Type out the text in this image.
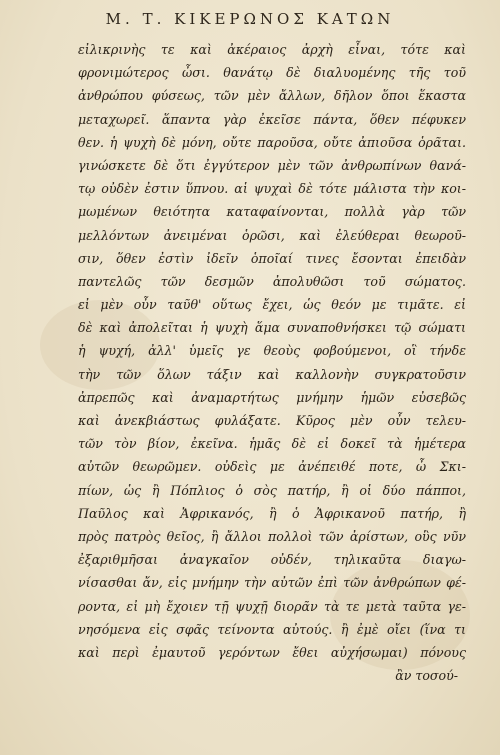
Μ. Τ. ΚΙΚΕΡΩΝΟΣ ΚΑΤΩΝ
εἰλικρινὴς τε καὶ ἀκέραιος ἀρχὴ εἶναι, τότε καὶ
φρονιμώτερος ὦσι. θανάτῳ δὲ διαλυομένης τῆς τοῦ
ἀνθρώπου φύσεως, τῶν μὲν ἄλλων, δῆλον ὅποι ἕκαστα
μεταχωρεῖ. ἅπαντα γὰρ ἐκεῖσε πάντα, ὅθεν πέφυκεν
θεν. ἡ ψυχὴ δὲ μόνη, οὔτε παροῦσα, οὔτε ἀπιοῦσα ὁρᾶται.
γινώσκετε δὲ ὅτι ἐγγύτερον μὲν τῶν ἀνθρωπίνων θανά-
τῳ οὐδὲν ἐστιν ὕπνου. αἱ ψυχαὶ δὲ τότε μάλιστα τὴν κοι-
μωμένων θειότητα καταφαίνονται, πολλὰ γὰρ τῶν
μελλόντων ἀνειμέναι ὁρῶσι, καὶ ἐλεύθεραι θεωροῦ-
σιν, ὅθεν ἐστὶν ἰδεῖν ὁποῖαί τινες ἔσονται ἐπειδὰν
παντελῶς τῶν δεσμῶν ἀπολυθῶσι τοῦ σώματος.
εἰ μὲν οὖν ταῦθ' οὕτως ἔχει, ὡς θεόν με τιμᾶτε. εἰ
δὲ καὶ ἀπολεῖται ἡ ψυχὴ ἅμα συναποθνήσκει τῷ σώματι
ἡ ψυχή, ἀλλ' ὑμεῖς γε θεοὺς φοβούμενοι, οἳ τήνδε
τὴν τῶν ὅλων τάξιν καὶ καλλονὴν συγκρατοῦσιν
ἀπρεπῶς καὶ ἀναμαρτήτως μνήμην ἡμῶν εὐσεβῶς
καὶ ἀνεκβιάστως φυλάξατε. Κῦρος μὲν οὖν τελευ-
τῶν τὸν βίον, ἐκεῖνα. ἡμᾶς δὲ εἰ δοκεῖ τὰ ἡμέτερα
αὐτῶν θεωρῶμεν. οὐδεὶς με ἀνέπειθέ ποτε, ὦ Σκι-
πίων, ὡς ἢ Πόπλιος ὁ σὸς πατήρ, ἢ οἱ δύο πάπποι,
Παῦλος καὶ Ἀφρικανός, ἢ ὁ Ἀφρικανοῦ πατήρ, ἢ
πρὸς πατρὸς θεῖος, ἢ ἄλλοι πολλοὶ τῶν ἀρίστων, οὓς νῦν
ἐξαριθμῆσαι ἀναγκαῖον οὐδέν, τηλικαῦτα διαγω-
νίσασθαι ἄν, εἰς μνήμην τὴν αὐτῶν ἐπὶ τῶν ἀνθρώπων φέ-
ροντα, εἰ μὴ ἔχοιεν τῇ ψυχῇ διορᾶν τὰ τε μετὰ ταῦτα γε-
νησόμενα εἰς σφᾶς τείνοντα αὐτούς. ἢ ἐμὲ οἴει (ἵνα τι
καὶ περὶ ἐμαυτοῦ γερόντων ἔθει αὐχήσωμαι) πόνους
ἂν τοσού-
